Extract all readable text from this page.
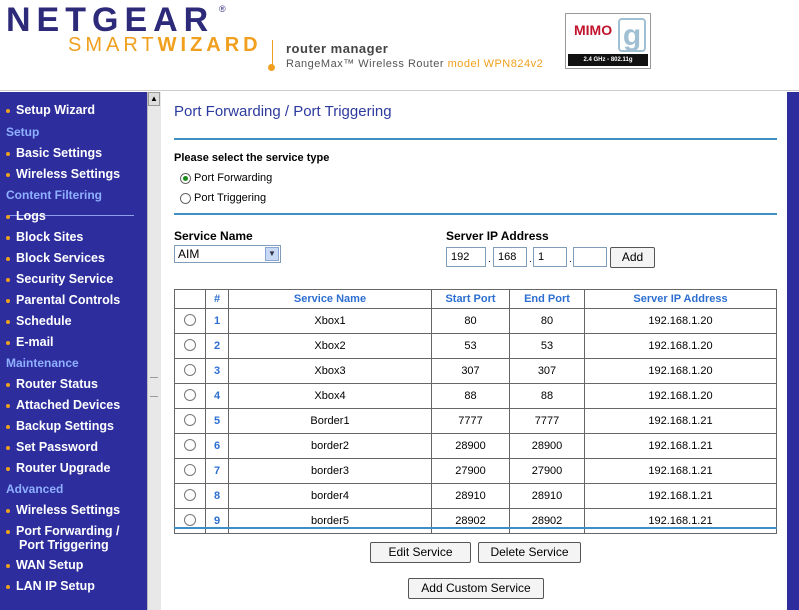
NETGEAR ®
SMARTWIZARD router manager
RangeMax™ Wireless Router model WPN824v2
MIMO g
2.4 GHz - 802.11g
Setup Wizard
Setup
Basic Settings
Wireless Settings
Content Filtering
Logs
Block Sites
Block Services
Security Service
Parental Controls
Schedule
E-mail
Maintenance
Router Status
Attached Devices
Backup Settings
Set Password
Router Upgrade
Advanced
Wireless Settings
Port Forwarding /
Port Triggering
WAN Setup
LAN IP Setup
▲
Port Forwarding / Port Triggering
Please select the service type
Port Forwarding
Port Triggering
Service Name
AIM	▼
Server IP Address
192	. 168	. 1	.	Add
	#	Service Name	Start Port	End Port	Server IP Address
	1	Xbox1	80	80	192.168.1.20
	2	Xbox2	53	53	192.168.1.20
	3	Xbox3	307	307	192.168.1.20
	4	Xbox4	88	88	192.168.1.20
	5	Border1	7777	7777	192.168.1.21
	6	border2	28900	28900	192.168.1.21
	7	border3	27900	27900	192.168.1.21
	8	border4	28910	28910	192.168.1.21
	9	border5	28902	28902	192.168.1.21
Edit Service	Delete Service
Add Custom Service
